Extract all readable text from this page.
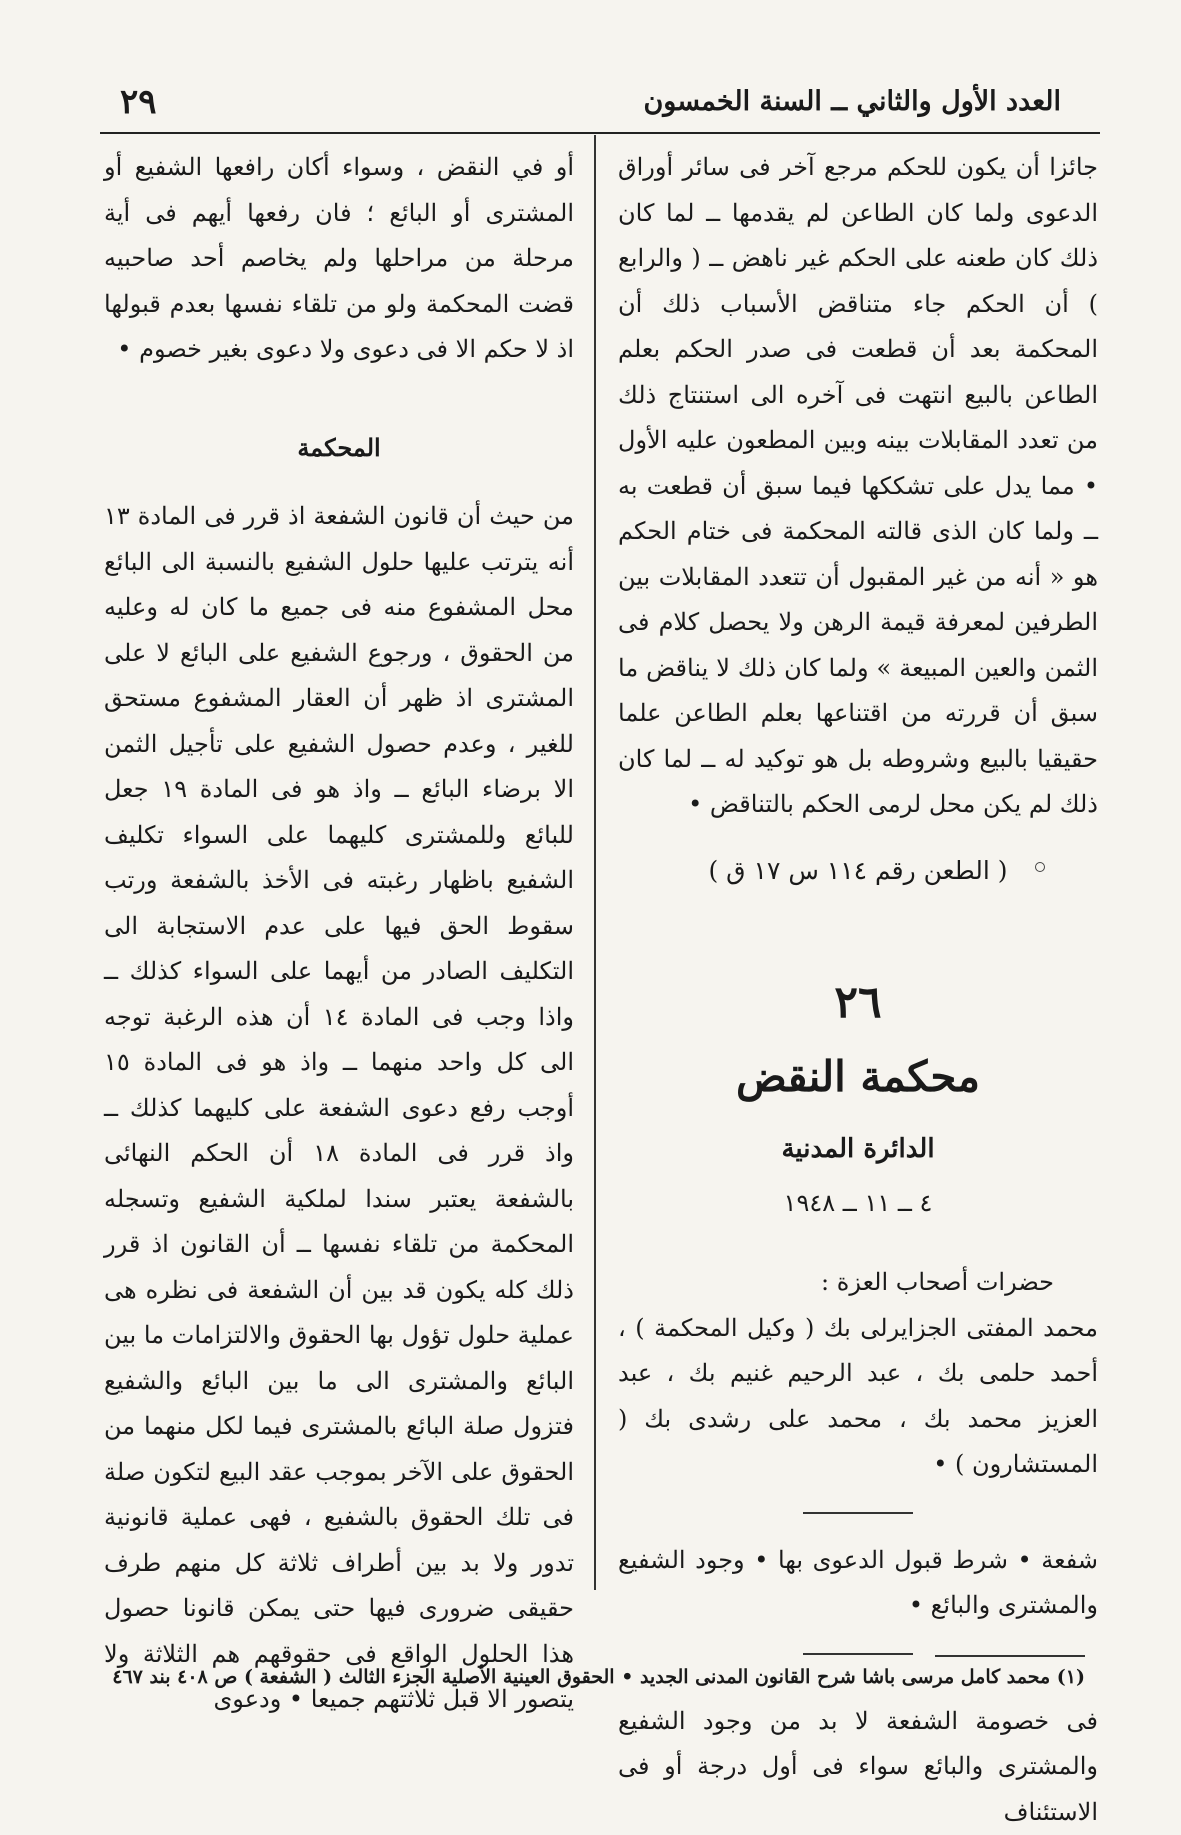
٢٩	العدد الأول والثاني ــ السنة الخمسون

جائزا أن يكون للحكم مرجع آخر فى سائر أوراق الدعوى ولما كان الطاعن لم يقدمها ــ لما كان ذلك كان طعنه على الحكم غير ناهض ــ ( والرابع ) أن الحكم جاء متناقض الأسباب ذلك أن المحكمة بعد أن قطعت فى صدر الحكم بعلم الطاعن بالبيع انتهت فى آخره الى استنتاج ذلك من تعدد المقابلات بينه وبين المطعون عليه الأول • مما يدل على تشككها فيما سبق أن قطعت به ــ ولما كان الذى قالته المحكمة فى ختام الحكم هو « أنه من غير المقبول أن تتعدد المقابلات بين الطرفين لمعرفة قيمة الرهن ولا يحصل كلام فى الثمن والعين المبيعة » ولما كان ذلك لا يناقض ما سبق أن قررته من اقتناعها بعلم الطاعن علما حقيقيا بالبيع وشروطه بل هو توكيد له ــ لما كان ذلك لم يكن محل لرمى الحكم بالتناقض •

( الطعن رقم ١١٤ س ١٧ ق )
٢٦
محكمة النقض
الدائرة المدنية
٤ ــ ١١ ــ ١٩٤٨
حضرات أصحاب العزة :

محمد المفتى الجزايرلى بك ( وكيل المحكمة ) ، أحمد حلمى بك ، عبد الرحيم غنيم بك ، عبد العزيز محمد بك ، محمد على رشدى بك ( المستشارون ) •

شفعة • شرط قبول الدعوى بها • وجود الشفيع والمشترى والبائع •

فى خصومة الشفعة لا بد من وجود الشفيع والمشترى والبائع سواء فى أول درجة أو فى الاستئناف

أو في النقض ، وسواء أكان رافعها الشفيع أو المشترى أو البائع ؛ فان رفعها أيهم فى أية مرحلة من مراحلها ولم يخاصم أحد صاحبيه قضت المحكمة ولو من تلقاء نفسها بعدم قبولها اذ لا حكم الا فى دعوى ولا دعوى بغير خصوم •

المحكمة

من حيث أن قانون الشفعة اذ قرر فى المادة ١٣ أنه يترتب عليها حلول الشفيع بالنسبة الى البائع محل المشفوع منه فى جميع ما كان له وعليه من الحقوق ، ورجوع الشفيع على البائع لا على المشترى اذ ظهر أن العقار المشفوع مستحق للغير ، وعدم حصول الشفيع على تأجيل الثمن الا برضاء البائع ــ واذ هو فى المادة ١٩ جعل للبائع وللمشترى كليهما على السواء تكليف الشفيع باظهار رغبته فى الأخذ بالشفعة ورتب سقوط الحق فيها على عدم الاستجابة الى التكليف الصادر من أيهما على السواء كذلك ــ واذا وجب فى المادة ١٤ أن هذه الرغبة توجه الى كل واحد منهما ــ واذ هو فى المادة ١٥ أوجب رفع دعوى الشفعة على كليهما كذلك ــ واذ قرر فى المادة ١٨ أن الحكم النهائى بالشفعة يعتبر سندا لملكية الشفيع وتسجله المحكمة من تلقاء نفسها ــ أن القانون اذ قرر ذلك كله يكون قد بين أن الشفعة فى نظره هى عملية حلول تؤول بها الحقوق والالتزامات ما بين البائع والمشترى الى ما بين البائع والشفيع فتزول صلة البائع بالمشترى فيما لكل منهما من الحقوق على الآخر بموجب عقد البيع لتكون صلة فى تلك الحقوق بالشفيع ، فهى عملية قانونية تدور ولا بد بين أطراف ثلاثة كل منهم طرف حقيقى ضرورى فيها حتى يمكن قانونا حصول هذا الحلول الواقع فى حقوقهم هم الثلاثة ولا يتصور الا قبل ثلاثتهم جميعا • ودعوى

(١) محمد كامل مرسى باشا شرح القانون المدنى الجديد • الحقوق العينية الأصلية الجزء الثالث ( الشفعة ) ص ٤٠٨ بند ٤٦٧
